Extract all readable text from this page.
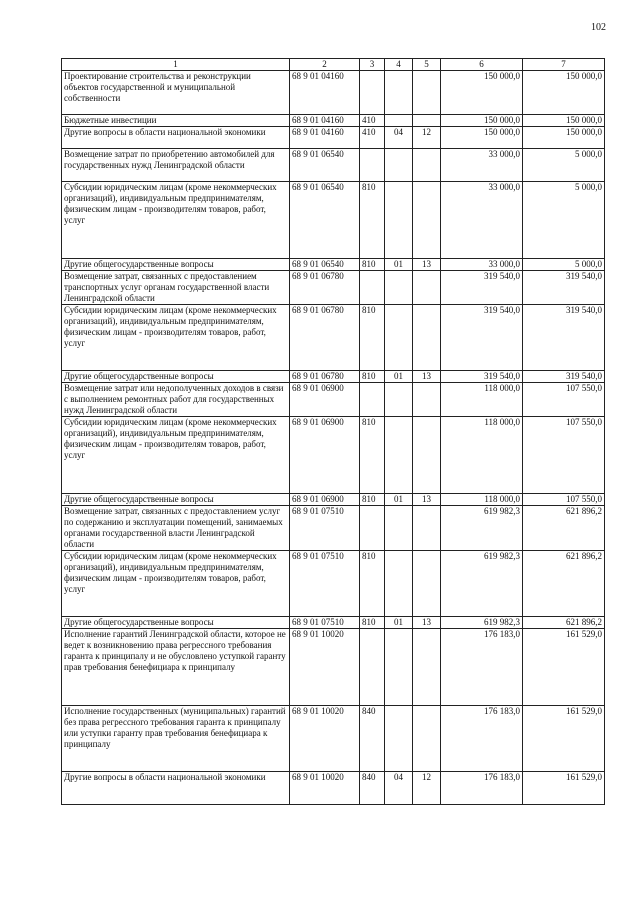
102
1	2	3	4	5	6	7
Проектирование строительства и реконструкции объектов государственной и муниципальной собственности	68 9 01 04160				150 000,0	150 000,0
Бюджетные инвестиции	68 9 01 04160	410			150 000,0	150 000,0
Другие вопросы в области национальной экономики	68 9 01 04160	410	04	12	150 000,0	150 000,0
Возмещение затрат по приобретению автомобилей для государственных нужд Ленинградской области	68 9 01 06540				33 000,0	5 000,0
Субсидии юридическим лицам (кроме некоммерческих организаций), индивидуальным предпринимателям, физическим лицам - производителям товаров, работ, услуг	68 9 01 06540	810			33 000,0	5 000,0
Другие общегосударственные вопросы	68 9 01 06540	810	01	13	33 000,0	5 000,0
Возмещение затрат, связанных с предоставлением транспортных услуг органам государственной власти Ленинградской области	68 9 01 06780				319 540,0	319 540,0
Субсидии юридическим лицам (кроме некоммерческих организаций), индивидуальным предпринимателям, физическим лицам - производителям товаров, работ, услуг	68 9 01 06780	810			319 540,0	319 540,0
Другие общегосударственные вопросы	68 9 01 06780	810	01	13	319 540,0	319 540,0
Возмещение затрат или недополученных доходов в связи с выполнением ремонтных работ для государственных нужд Ленинградской области	68 9 01 06900				118 000,0	107 550,0
Субсидии юридическим лицам (кроме некоммерческих организаций), индивидуальным предпринимателям, физическим лицам - производителям товаров, работ, услуг	68 9 01 06900	810			118 000,0	107 550,0
Другие общегосударственные вопросы	68 9 01 06900	810	01	13	118 000,0	107 550,0
Возмещение затрат, связанных с предоставлением услуг по содержанию и эксплуатации помещений, занимаемых органами государственной власти Ленинградской области	68 9 01 07510				619 982,3	621 896,2
Субсидии юридическим лицам (кроме некоммерческих организаций), индивидуальным предпринимателям, физическим лицам - производителям товаров, работ, услуг	68 9 01 07510	810			619 982,3	621 896,2
Другие общегосударственные вопросы	68 9 01 07510	810	01	13	619 982,3	621 896,2
Исполнение гарантий Ленинградской области, которое не ведет к возникновению права регрессного требования гаранта к принципалу и не обусловлено уступкой гаранту прав требования бенефициара к принципалу	68 9 01 10020				176 183,0	161 529,0
Исполнение государственных (муниципальных) гарантий без права регрессного требования гаранта к принципалу или уступки гаранту прав требования бенефициара к принципалу	68 9 01 10020	840			176 183,0	161 529,0
Другие вопросы в области национальной экономики	68 9 01 10020	840	04	12	176 183,0	161 529,0
